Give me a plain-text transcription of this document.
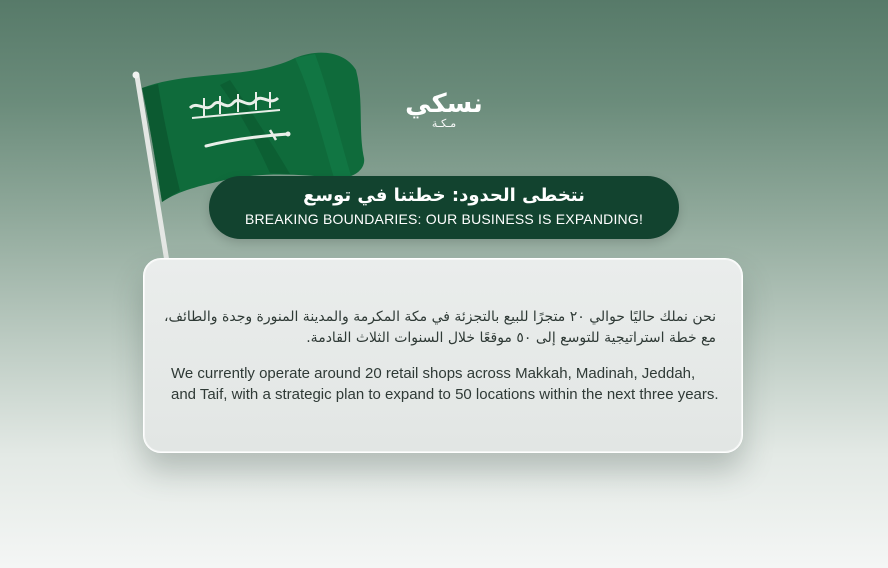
نسكي
مـكـة
نتخطى الحدود: خطتنا في توسع
BREAKING BOUNDARIES: OUR BUSINESS IS EXPANDING!
نحن نملك حاليًا حوالي ٢٠ متجرًا للبيع بالتجزئة في مكة المكرمة والمدينة المنورة وجدة والطائف، مع خطة استراتيجية للتوسع إلى ٥٠ موقعًا خلال السنوات الثلاث القادمة.
We currently operate around 20 retail shops across Makkah, Madinah, Jeddah, and Taif, with a strategic plan to expand to 50 locations within the next three years.
